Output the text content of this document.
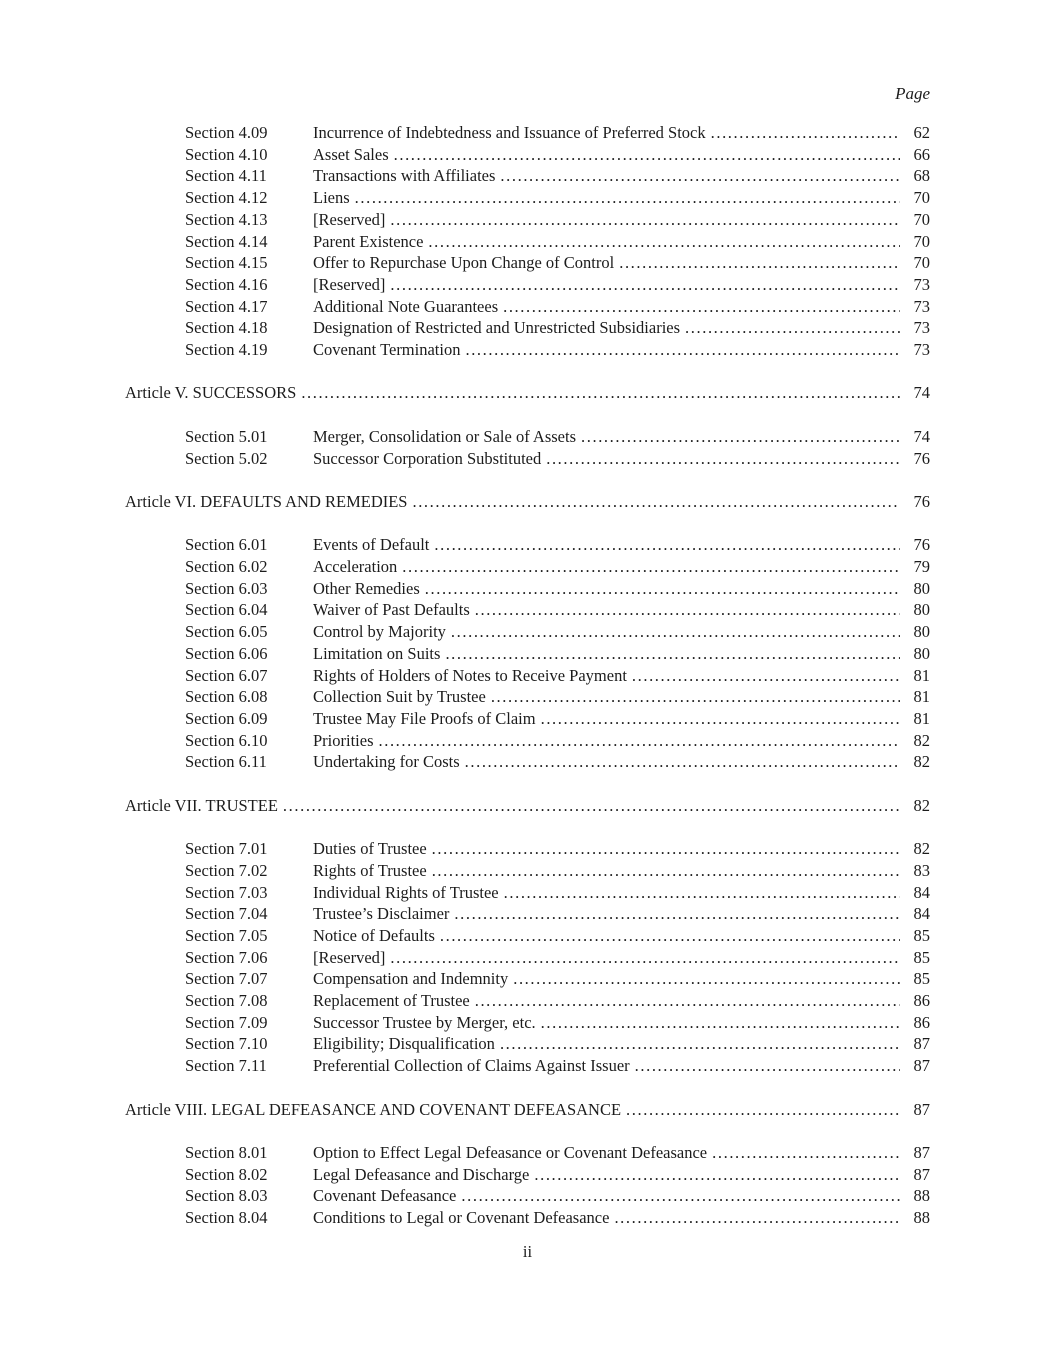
Page
Section 4.09	Incurrence of Indebtedness and Issuance of Preferred Stock .....	62
Section 4.10	Asset Sales .....	66
Section 4.11	Transactions with Affiliates .....	68
Section 4.12	Liens .....	70
Section 4.13	[Reserved] .....	70
Section 4.14	Parent Existence .....	70
Section 4.15	Offer to Repurchase Upon Change of Control .....	70
Section 4.16	[Reserved] .....	73
Section 4.17	Additional Note Guarantees .....	73
Section 4.18	Designation of Restricted and Unrestricted Subsidiaries .....	73
Section 4.19	Covenant Termination .....	73
Article V. SUCCESSORS .....	74
Section 5.01	Merger, Consolidation or Sale of Assets .....	74
Section 5.02	Successor Corporation Substituted .....	76
Article VI. DEFAULTS AND REMEDIES .....	76
Section 6.01	Events of Default .....	76
Section 6.02	Acceleration .....	79
Section 6.03	Other Remedies .....	80
Section 6.04	Waiver of Past Defaults .....	80
Section 6.05	Control by Majority .....	80
Section 6.06	Limitation on Suits .....	80
Section 6.07	Rights of Holders of Notes to Receive Payment .....	81
Section 6.08	Collection Suit by Trustee .....	81
Section 6.09	Trustee May File Proofs of Claim .....	81
Section 6.10	Priorities .....	82
Section 6.11	Undertaking for Costs .....	82
Article VII. TRUSTEE .....	82
Section 7.01	Duties of Trustee .....	82
Section 7.02	Rights of Trustee .....	83
Section 7.03	Individual Rights of Trustee .....	84
Section 7.04	Trustee’s Disclaimer .....	84
Section 7.05	Notice of Defaults .....	85
Section 7.06	[Reserved] .....	85
Section 7.07	Compensation and Indemnity .....	85
Section 7.08	Replacement of Trustee .....	86
Section 7.09	Successor Trustee by Merger, etc. .....	86
Section 7.10	Eligibility; Disqualification .....	87
Section 7.11	Preferential Collection of Claims Against Issuer .....	87
Article VIII. LEGAL DEFEASANCE AND COVENANT DEFEASANCE .....	87
Section 8.01	Option to Effect Legal Defeasance or Covenant Defeasance .....	87
Section 8.02	Legal Defeasance and Discharge .....	87
Section 8.03	Covenant Defeasance .....	88
Section 8.04	Conditions to Legal or Covenant Defeasance .....	88
ii
